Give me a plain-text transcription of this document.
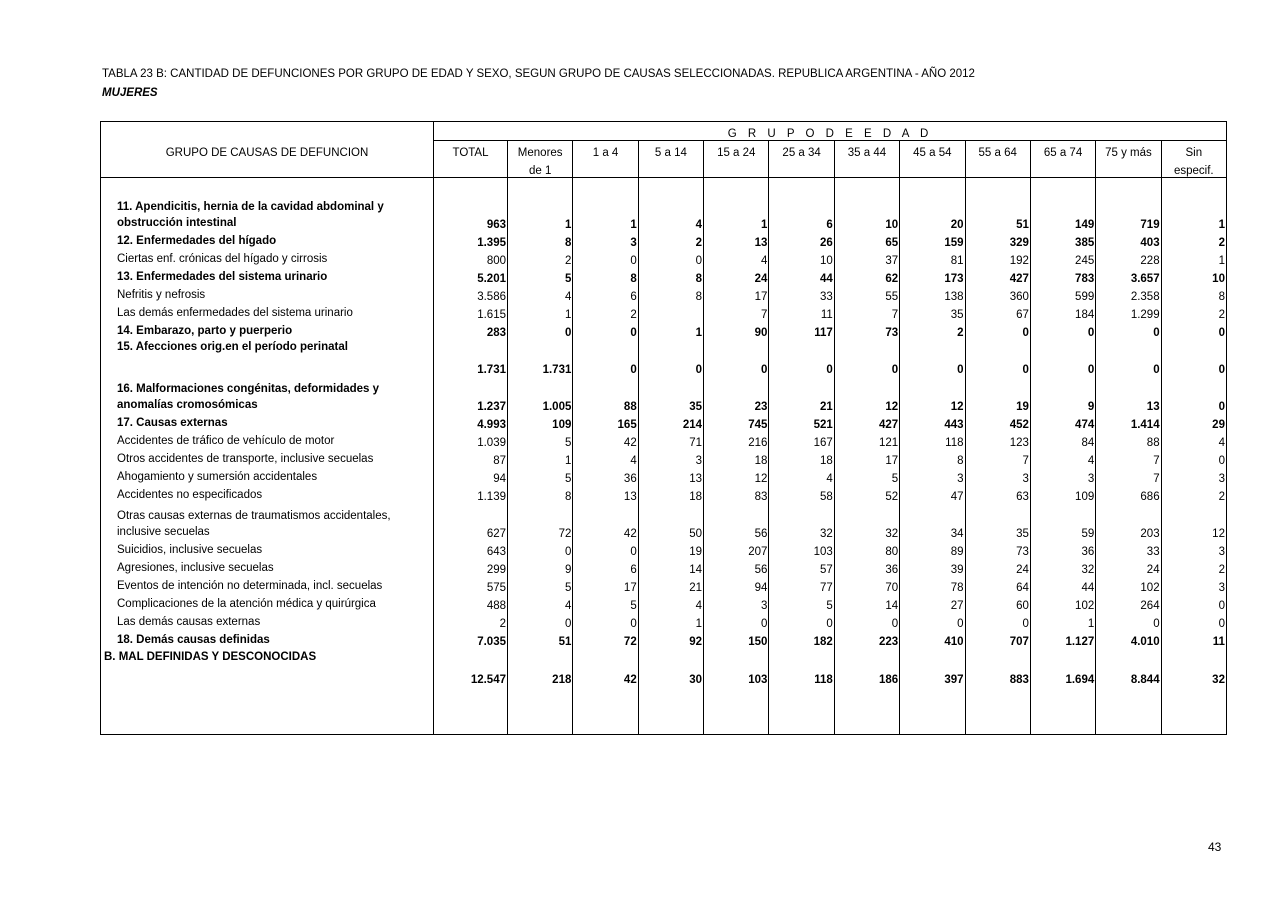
TABLA 23 B: CANTIDAD DE DEFUNCIONES POR GRUPO DE EDAD Y SEXO, SEGUN GRUPO DE CAUSAS SELECCIONADAS. REPUBLICA ARGENTINA - AÑO 2012
MUJERES
	G R U P O D E E D A D											
GRUPO DE CAUSAS DE DEFUNCION	TOTAL	Menores	1 a 4	5 a 14	15 a 24	25 a 34	35 a 44	45 a 54	55 a 64	65 a 74	75 y más	Sin
		de 1										especif.

11. Apendicitis, hernia de la cavidad abdominal y obstrucción intestinal	963	1	1	4	1	6	10	20	51	149	719	1
12. Enfermedades del hígado	1.395	8	3	2	13	26	65	159	329	385	403	2
Ciertas enf. crónicas del hígado y cirrosis	800	2	0	0	4	10	37	81	192	245	228	1
13. Enfermedades del sistema urinario	5.201	5	8	8	24	44	62	173	427	783	3.657	10
Nefritis y nefrosis	3.586	4	6	8	17	33	55	138	360	599	2.358	8
Las demás enfermedades del sistema urinario	1.615	1	2		7	11	7	35	67	184	1.299	2
14. Embarazo, parto y puerperio	283	0	0	1	90	117	73	2	0	0	0	0
15. Afecciones orig.en el período perinatal	1.731	1.731	0	0	0	0	0	0	0	0	0	0
16. Malformaciones congénitas, deformidades y anomalías cromosómicas	1.237	1.005	88	35	23	21	12	12	19	9	13	0
17. Causas externas	4.993	109	165	214	745	521	427	443	452	474	1.414	29
Accidentes de tráfico de vehículo de motor	1.039	5	42	71	216	167	121	118	123	84	88	4
Otros accidentes de transporte, inclusive secuelas	87	1	4	3	18	18	17	8	7	4	7	0
Ahogamiento y sumersión accidentales	94	5	36	13	12	4	5	3	3	3	7	3
Accidentes no especificados	1.139	8	13	18	83	58	52	47	63	109	686	2
Otras causas externas de traumatismos accidentales, inclusive secuelas	627	72	42	50	56	32	32	34	35	59	203	12
Suicidios, inclusive secuelas	643	0	0	19	207	103	80	89	73	36	33	3
Agresiones, inclusive secuelas	299	9	6	14	56	57	36	39	24	32	24	2
Eventos de intención no determinada, incl. secuelas	575	5	17	21	94	77	70	78	64	44	102	3
Complicaciones de la atención médica y quirúrgica	488	4	5	4	3	5	14	27	60	102	264	0
Las demás causas externas	2	0	0	1	0	0	0	0	0	1	0	0
18. Demás causas definidas	7.035	51	72	92	150	182	223	410	707	1.127	4.010	11
B. MAL DEFINIDAS Y DESCONOCIDAS	12.547	218	42	30	103	118	186	397	883	1.694	8.844	32

43
